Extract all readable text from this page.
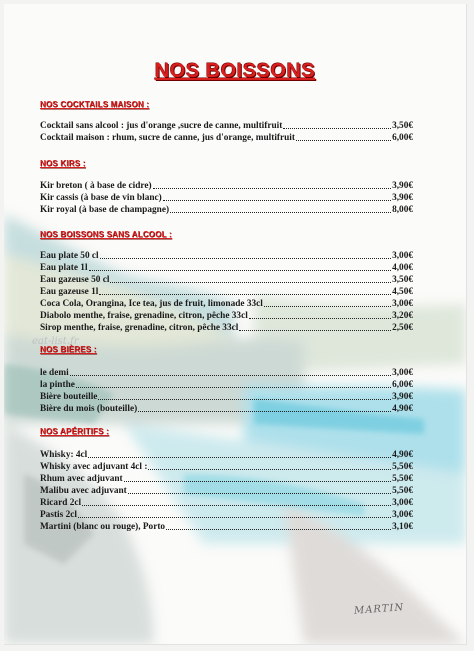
NOS BOISSONS
NOS COCKTAILS MAISON :
Cocktail sans alcool : jus d'orange ,sucre de canne, multifruit	3,50€
Cocktail maison : rhum, sucre de canne, jus d'orange, multifruit	6,00€
NOS KIRS :
Kir breton ( à base de cidre)	3,90€
Kir cassis (à base de vin blanc)	3,90€
Kir royal (à base de champagne)	8,00€
NOS BOISSONS SANS ALCOOL :
Eau plate 50 cl	3,00€
Eau plate 1l	4,00€
Eau gazeuse 50 cl	3,50€
Eau gazeuse 1l	4,50€
Coca Cola, Orangina, Ice tea, jus de fruit, limonade 33cl	3,00€
Diabolo menthe, fraise, grenadine, citron, pêche 33cl	3,20€
Sirop menthe, fraise, grenadine, citron, pêche 33cl	2,50€
eat-list.fr
NOS BIÈRES :
le demi	3,00€
la pinthe	6,00€
Bière bouteille	3,90€
Bière du mois (bouteille)	4,90€
NOS APÉRITIFS :
Whisky: 4cl	4,90€
Whisky avec adjuvant 4cl :	5,50€
Rhum avec adjuvant	5,50€
Malibu avec adjuvant	5,50€
Ricard 2cl	3,00€
Pastis 2cl	3,00€
Martini (blanc ou rouge), Porto	3,10€
MARTIN
